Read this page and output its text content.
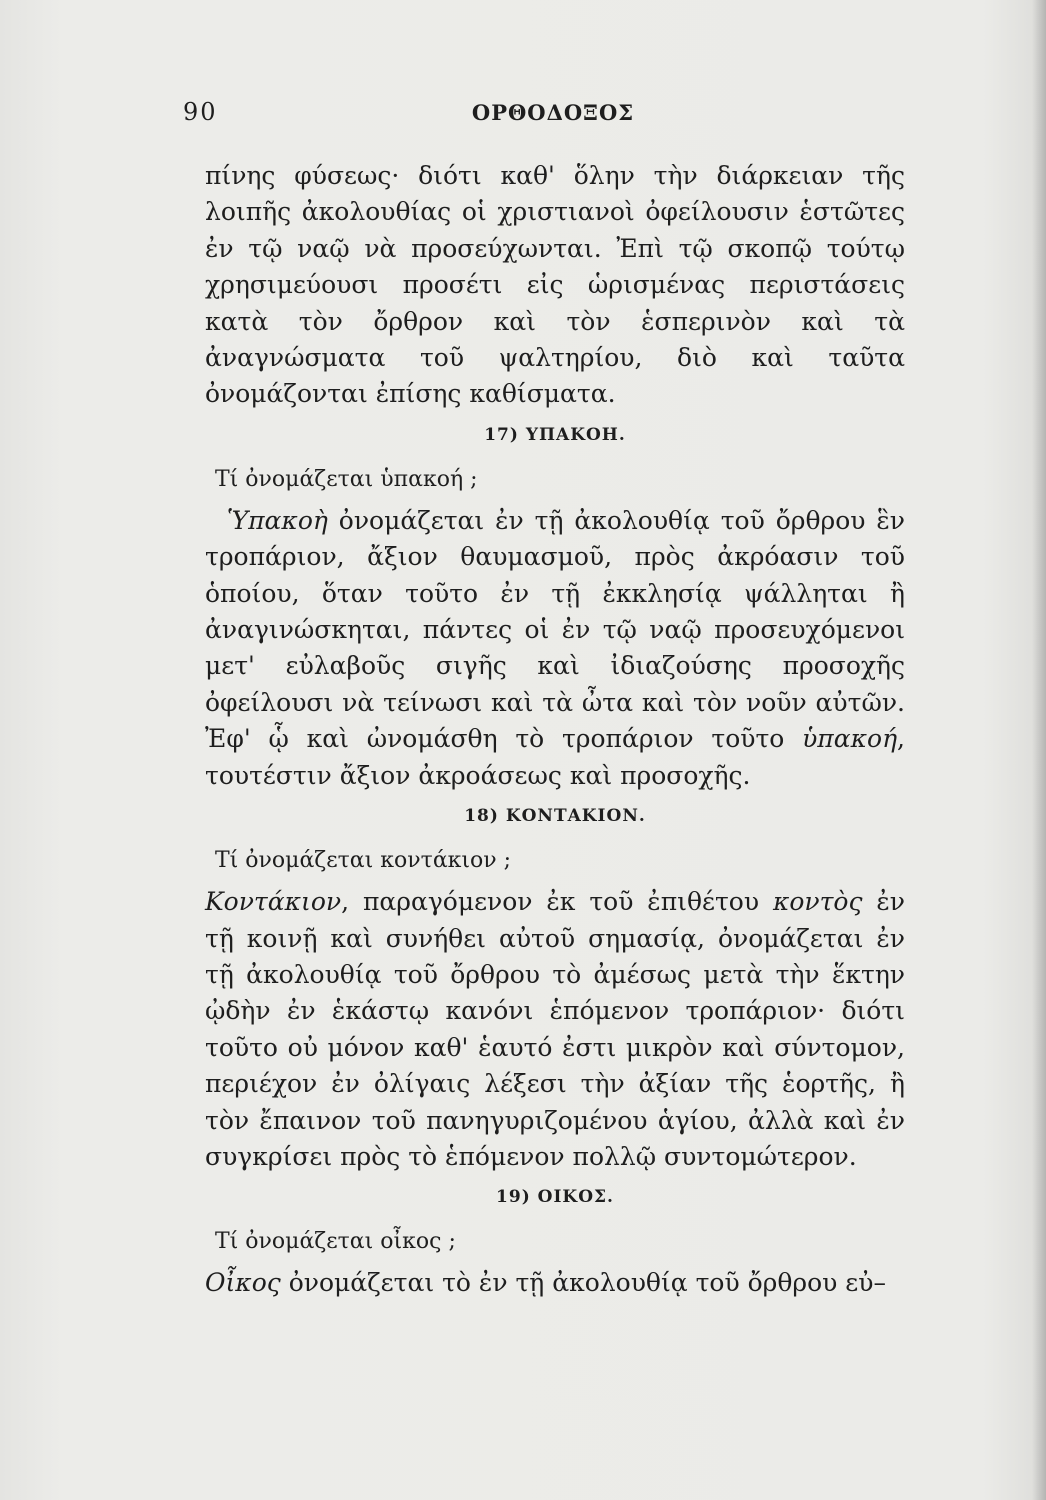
90	ΟΡΘΟΔΟΞΟΣ

πίνης φύσεως· διότι καθ' ὅλην τὴν διάρκειαν τῆς λοιπῆς ἀκολουθίας οἱ χριστιανοὶ ὀφείλουσιν ἑστῶτες ἐν τῷ ναῷ νὰ προσεύχωνται. Ἐπὶ τῷ σκοπῷ τούτῳ χρησιμεύουσι προσέτι εἰς ὡρισμένας περιστάσεις κατὰ τὸν ὄρθρον καὶ τὸν ἑσπερινὸν καὶ τὰ ἀναγνώσματα τοῦ ψαλτηρίου, διὸ καὶ ταῦτα ὀνομάζονται ἐπίσης καθίσματα.

17) ΥΠΑΚΟΗ.

Τί ὀνομάζεται ὑπακοή ;

Ὑπακοὴ ὀνομάζεται ἐν τῇ ἀκολουθίᾳ τοῦ ὄρθρου ἓν τροπάριον, ἄξιον θαυμασμοῦ, πρὸς ἀκρόασιν τοῦ ὁποίου, ὅταν τοῦτο ἐν τῇ ἐκκλησίᾳ ψάλληται ἢ ἀναγινώσκηται, πάντες οἱ ἐν τῷ ναῷ προσευχόμενοι μετ' εὐλαβοῦς σιγῆς καὶ ἰδιαζούσης προσοχῆς ὀφείλουσι νὰ τείνωσι καὶ τὰ ὦτα καὶ τὸν νοῦν αὐτῶν. Ἐφ' ᾧ καὶ ὠνομάσθη τὸ τροπάριον τοῦτο ὑπακοή, τουτέστιν ἄξιον ἀκροάσεως καὶ προσοχῆς.

18) ΚΟΝΤΑΚΙΟΝ.

Τί ὀνομάζεται κοντάκιον ;

Κοντάκιον, παραγόμενον ἐκ τοῦ ἐπιθέτου κοντὸς ἐν τῇ κοινῇ καὶ συνήθει αὐτοῦ σημασίᾳ, ὀνομάζεται ἐν τῇ ἀκολουθίᾳ τοῦ ὄρθρου τὸ ἀμέσως μετὰ τὴν ἕκτην ᾠδὴν ἐν ἑκάστῳ κανόνι ἑπόμενον τροπάριον· διότι τοῦτο οὐ μόνον καθ' ἑαυτό ἐστι μικρὸν καὶ σύντομον, περιέχον ἐν ὀλίγαις λέξεσι τὴν ἀξίαν τῆς ἑορτῆς, ἢ τὸν ἔπαινον τοῦ πανηγυριζομένου ἁγίου, ἀλλὰ καὶ ἐν συγκρίσει πρὸς τὸ ἑπόμενον πολλῷ συντομώτερον.

19) ΟΙΚΟΣ.

Τί ὀνομάζεται οἶκος ;

Οἶκος ὀνομάζεται τὸ ἐν τῇ ἀκολουθίᾳ τοῦ ὄρθρου εὐ–
